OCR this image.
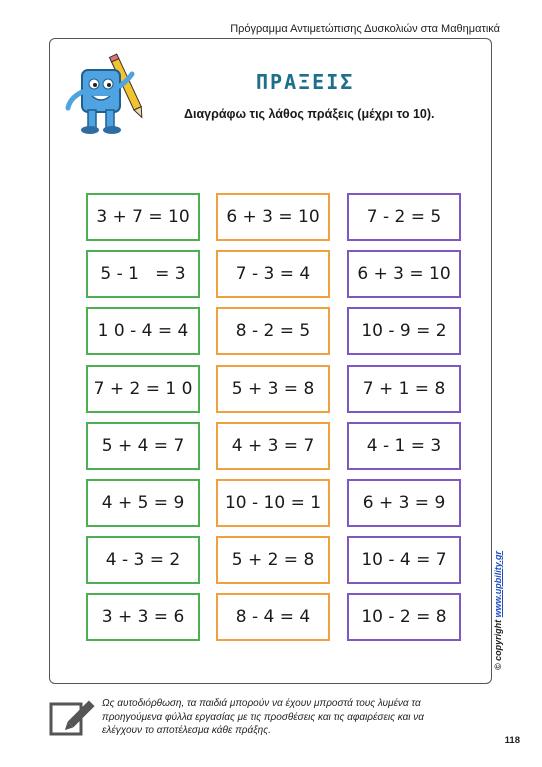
Πρόγραμμα Αντιμετώπισης Δυσκολιών στα Μαθηματικά
ΠΡΑΞΕΙΣ
Διαγράφω τις λάθος πράξεις (μέχρι το 10).
3 + 7 = 10
5 - 1   = 3
1 0 - 4 = 4
7 + 2 = 1 0
5 + 4 = 7
4 + 5 = 9
4 - 3 = 2
3 + 3 = 6
6 + 3 = 10
7 - 3 = 4
8 - 2 = 5
5 + 3 = 8
4 + 3 = 7
10 - 10 = 1
5 + 2 = 8
8 - 4 = 4
7 - 2 = 5
6 + 3 = 10
10 - 9 = 2
7 + 1 = 8
4 - 1 = 3
6 + 3 = 9
10 - 4 = 7
10 - 2 = 8	© copyright www.upbility.gr
Ως αυτοδιόρθωση, τα παιδιά μπορούν να έχουν μπροστά τους λυμένα τα προηγούμενα φύλλα εργασίας με τις προσθέσεις και τις αφαιρέσεις και να ελέγχουν το αποτέλεσμα κάθε πράξης.
118
